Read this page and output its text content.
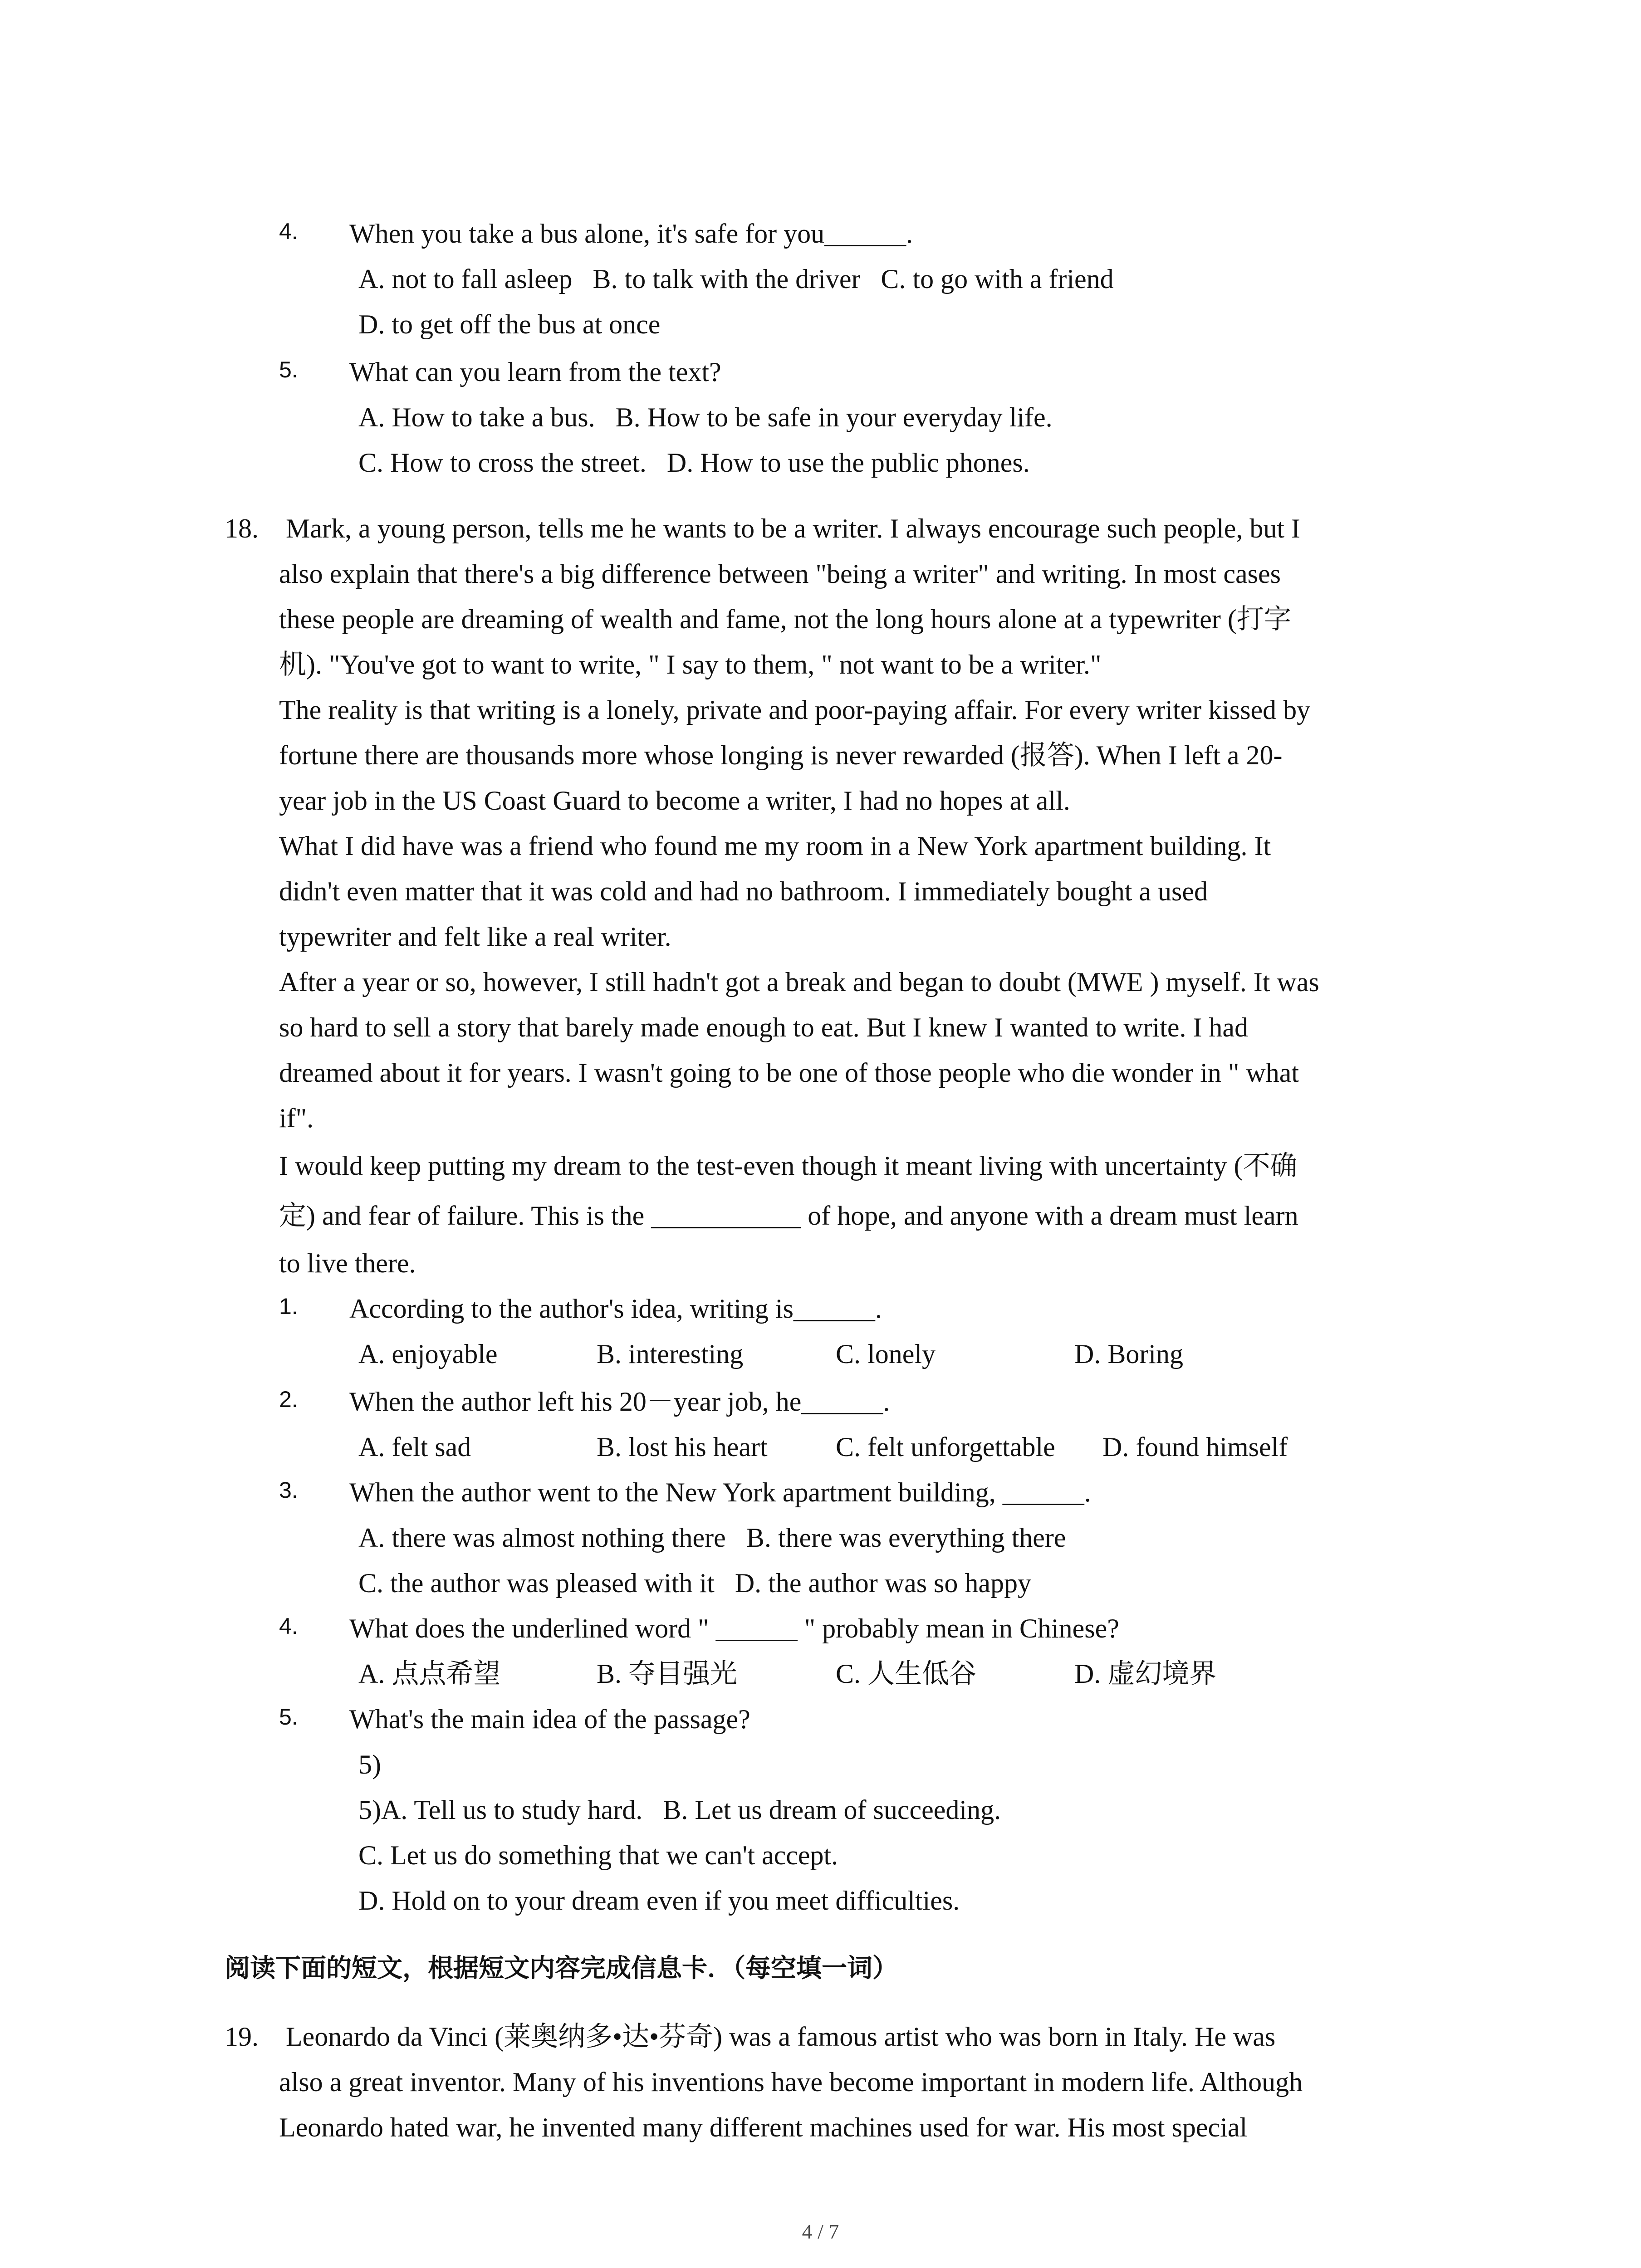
4. When you take a bus alone, it's safe for you______.
A. not to fall asleep   B. to talk with the driver   C. to go with a friend
D. to get off the bus at once
5. What can you learn from the text?
A. How to take a bus.   B. How to be safe in your everyday life.
C. How to cross the street.   D. How to use the public phones.
18. Mark, a young person, tells me he wants to be a writer. I always encourage such people, but I
also explain that there's a big difference between "being a writer" and writing. In most cases
these people are dreaming of wealth and fame, not the long hours alone at a typewriter (打字
机). "You've got to want to write, " I say to them, " not want to be a writer."
The reality is that writing is a lonely, private and poor-paying affair. For every writer kissed by
fortune there are thousands more whose longing is never rewarded (报答). When I left a 20-
year job in the US Coast Guard to become a writer, I had no hopes at all.
What I did have was a friend who found me my room in a New York apartment building. It
didn't even matter that it was cold and had no bathroom. I immediately bought a used
typewriter and felt like a real writer.
After a year or so, however, I still hadn't got a break and began to doubt (MWE ) myself. It was
so hard to sell a story that barely made enough to eat. But I knew I wanted to write. I had
dreamed about it for years. I wasn't going to be one of those people who die wonder in " what
if".
I would keep putting my dream to the test-even though it meant living with uncertainty (不确
定) and fear of failure. This is the ___________ of hope, and anyone with a dream must learn
to live there.
1. According to the author's idea, writing is______.
A. enjoyable	B. interesting	C. lonely	D. Boring
2. When the author left his 20－year job, he______.
A. felt sad	B. lost his heart	C. felt unforgettable D. found himself
3. When the author went to the New York apartment building, ______.
A. there was almost nothing there   B. there was everything there
C. the author was pleased with it   D. the author was so happy
4. What does the underlined word " ______ " probably mean in Chinese?
A. 点点希望	B. 夺目强光	C. 人生低谷	D. 虚幻境界
5. What's the main idea of the passage?
5)
5)A. Tell us to study hard.   B. Let us dream of succeeding.
C. Let us do something that we can't accept.
D. Hold on to your dream even if you meet difficulties.
阅读下面的短文，根据短文内容完成信息卡．（每空填一词）
19. Leonardo da Vinci (莱奥纳多•达•芬奇) was a famous artist who was born in Italy. He was
also a great inventor. Many of his inventions have become important in modern life. Although
Leonardo hated war, he invented many different machines used for war. His most special
4 / 7
